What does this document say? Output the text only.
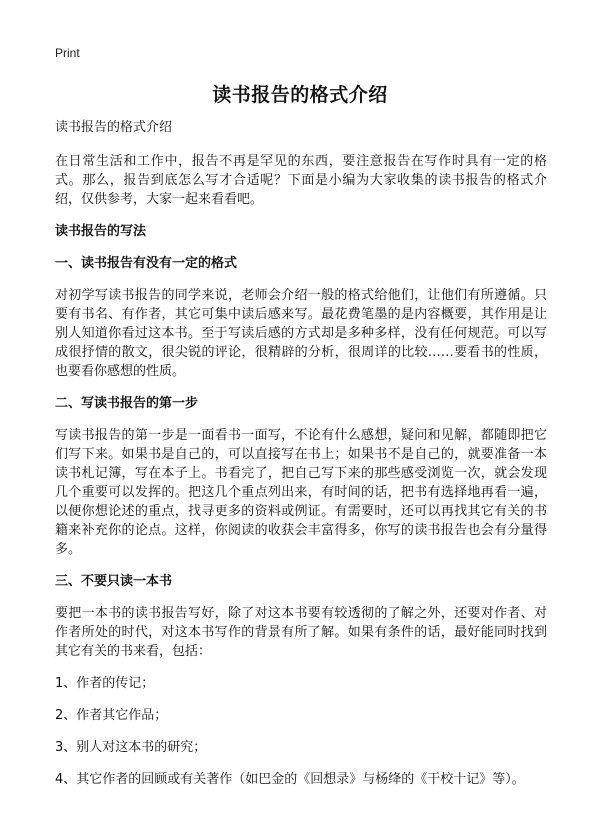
Print
读书报告的格式介绍

读书报告的格式介绍

在日常生活和工作中，报告不再是罕见的东西，要注意报告在写作时具有一定的格式。那么，报告到底怎么写才合适呢？下面是小编为大家收集的读书报告的格式介绍，仅供参考，大家一起来看看吧。

读书报告的写法
一、读书报告有没有一定的格式

对初学写读书报告的同学来说，老师会介绍一般的格式给他们，让他们有所遵循。只要有书名、有作者，其它可集中读后感来写。最花费笔墨的是内容概要，其作用是让别人知道你看过这本书。至于写读后感的方式却是多种多样，没有任何规范。可以写成很抒情的散文，很尖锐的评论，很精辟的分析，很周详的比较……要看书的性质，也要看你感想的性质。

二、写读书报告的第一步

写读书报告的第一步是一面看书一面写，不论有什么感想，疑问和见解，都随即把它们写下来。如果书是自己的，可以直接写在书上；如果书不是自己的，就要准备一本读书札记簿，写在本子上。书看完了，把自己写下来的那些感受浏览一次，就会发现几个重要可以发挥的。把这几个重点列出来，有时间的话，把书有选择地再看一遍，以便你想论述的重点，找寻更多的资料或例证。有需要时，还可以再找其它有关的书籍来补充你的论点。这样，你阅读的收获会丰富得多，你写的读书报告也会有分量得多。

三、不要只读一本书

要把一本书的读书报告写好，除了对这本书要有较透彻的了解之外，还要对作者、对作者所处的时代，对这本书写作的背景有所了解。如果有条件的话，最好能同时找到其它有关的书来看，包括：

1、作者的传记；

2、作者其它作品；

3、别人对这本书的研究；

4、其它作者的回顾或有关著作（如巴金的《回想录》与杨绛的《干校十记》等）。
